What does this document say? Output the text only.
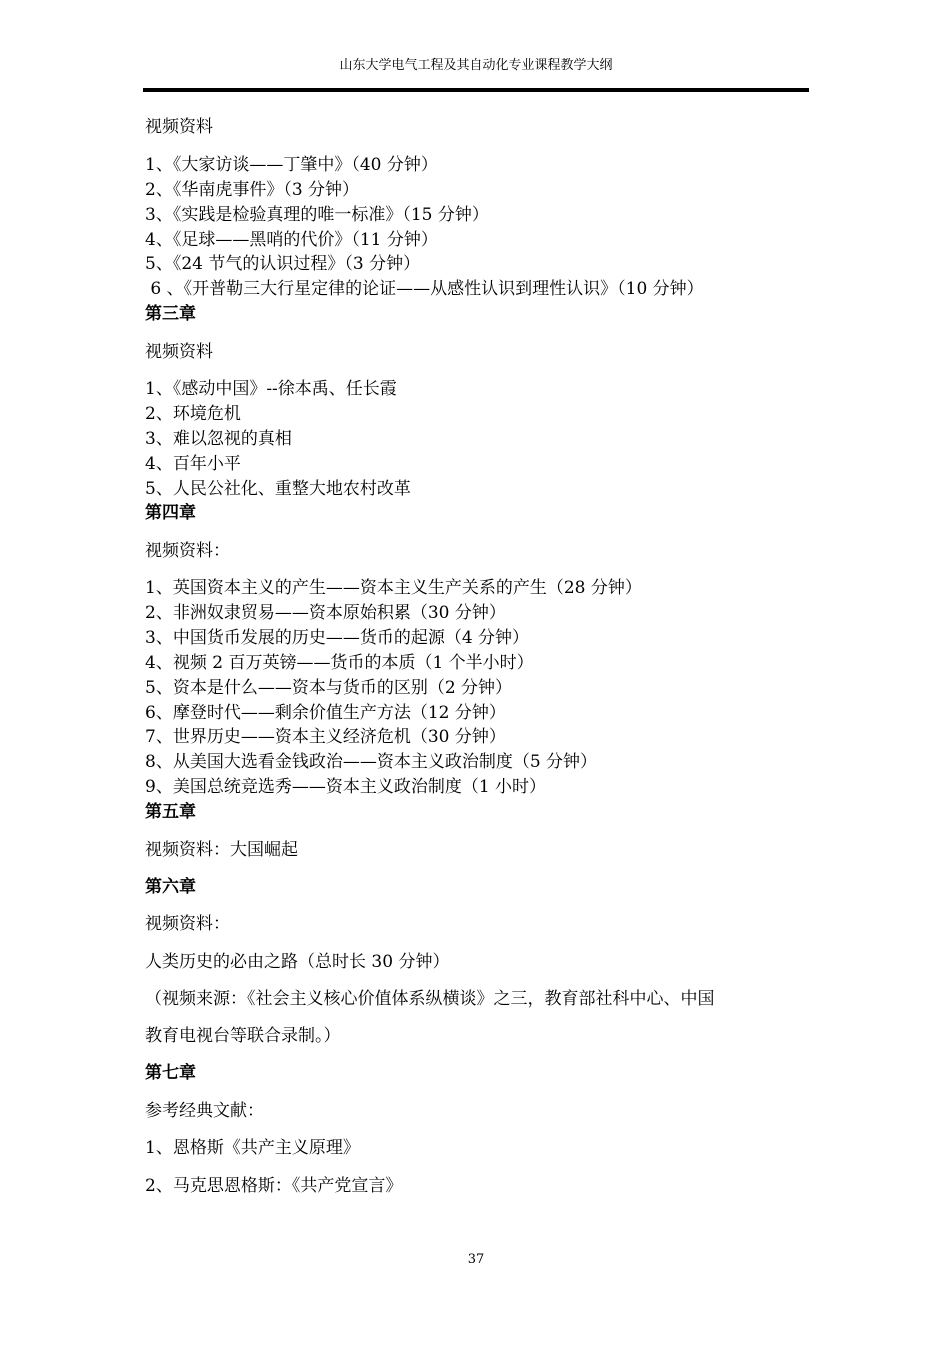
山东大学电气工程及其自动化专业课程教学大纲
视频资料
1、《大家访谈——丁肇中》（40 分钟）
2、《华南虎事件》（3 分钟）
3、《实践是检验真理的唯一标准》（15 分钟）
4、《足球——黑哨的代价》（11 分钟）
5、《24 节气的认识过程》（3 分钟）
6 、《开普勒三大行星定律的论证——从感性认识到理性认识》（10 分钟）
第三章
视频资料
1、《感动中国》--徐本禹、任长霞
2、环境危机
3、难以忽视的真相
4、百年小平
5、人民公社化、重整大地农村改革
第四章
视频资料：
1、英国资本主义的产生——资本主义生产关系的产生（28 分钟）
2、非洲奴隶贸易——资本原始积累（30 分钟）
3、中国货币发展的历史——货币的起源（4 分钟）
4、视频 2 百万英镑——货币的本质（1 个半小时）
5、资本是什么——资本与货币的区别（2 分钟）
6、摩登时代——剩余价值生产方法（12 分钟）
7、世界历史——资本主义经济危机（30 分钟）
8、从美国大选看金钱政治——资本主义政治制度（5 分钟）
9、美国总统竞选秀——资本主义政治制度（1 小时）
第五章
视频资料：大国崛起
第六章
视频资料：
人类历史的必由之路（总时长 30 分钟）
（视频来源：《社会主义核心价值体系纵横谈》之三，教育部社科中心、中国
教育电视台等联合录制。）
第七章
参考经典文献：
1、恩格斯《共产主义原理》
2、马克思恩格斯：《共产党宣言》
37
